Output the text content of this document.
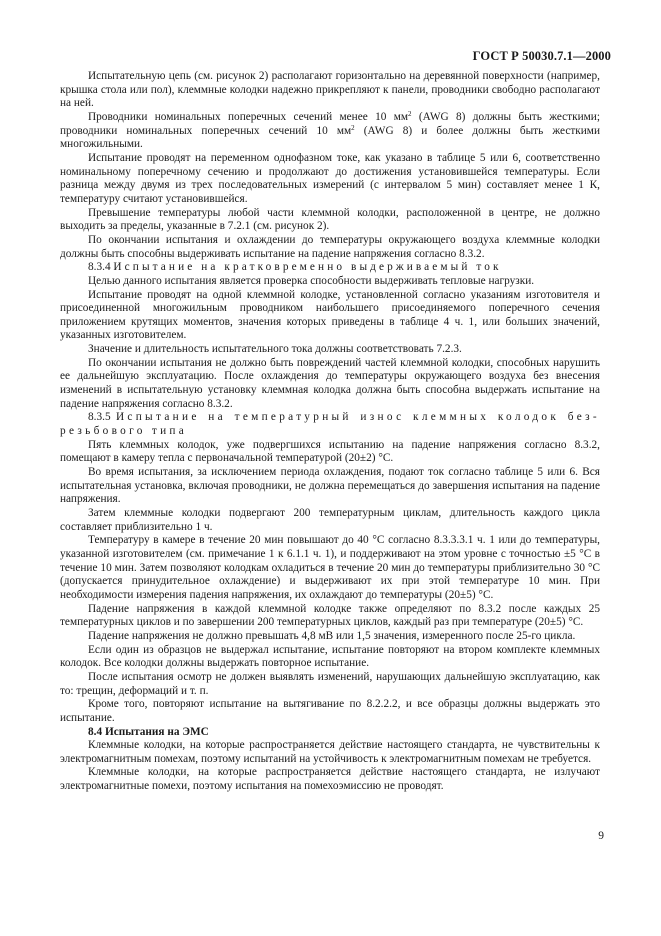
ГОСТ Р 50030.7.1—2000

Испытательную цепь (см. рисунок 2) располагают горизонтально на деревянной поверхности (например, крышка стола или пол), клеммные колодки надежно прикрепляют к панели, проводники свободно располагают на ней.

Проводники номинальных поперечных сечений менее 10 $мм^2$ (AWG 8) должны быть жесткими; проводники номинальных поперечных сечений 10 $мм^2$ (AWG 8) и более должны быть жесткими многожильными.

Испытание проводят на переменном однофазном токе, как указано в таблице 5 или 6, соответственно номинальному поперечному сечению и продолжают до достижения установившейся температуры. Если разница между двумя из трех последовательных измерений (с интервалом 5 мин) составляет менее 1 К, температуру считают установившейся.

Превышение температуры любой части клеммной колодки, расположенной в центре, не должно выходить за пределы, указанные в 7.2.1 (см. рисунок 2).

По окончании испытания и охлаждении до температуры окружающего воздуха клеммные колодки должны быть способны выдерживать испытание на падение напряжения согласно 8.3.2.

8.3.4 Испытание на кратковременно выдерживаемый ток

Целью данного испытания является проверка способности выдерживать тепловые нагрузки.

Испытание проводят на одной клеммной колодке, установленной согласно указаниям изготовителя и присоединенной многожильным проводником наибольшего присоединяемого поперечного сечения приложением крутящих моментов, значения которых приведены в таблице 4 ч. 1, или больших значений, указанных изготовителем.

Значение и длительность испытательного тока должны соответствовать 7.2.3.

По окончании испытания не должно быть повреждений частей клеммной колодки, способных нарушить ее дальнейшую эксплуатацию. После охлаждения до температуры окружающего воздуха без внесения изменений в испытательную установку клеммная колодка должна быть способна выдержать испытание на падение напряжения согласно 8.3.2.

8.3.5 Испытание на температурный износ клеммных колодок без-

резьбового типа

Пять клеммных колодок, уже подвергшихся испытанию на падение напряжения согласно 8.3.2, помещают в камеру тепла с первоначальной температурой (20±2) °С.

Во время испытания, за исключением периода охлаждения, подают ток согласно таблице 5 или 6. Вся испытательная установка, включая проводники, не должна перемещаться до завершения испытания на падение напряжения.

Затем клеммные колодки подвергают 200 температурным циклам, длительность каждого цикла составляет приблизительно 1 ч.

Температуру в камере в течение 20 мин повышают до 40 °С согласно 8.3.3.3.1 ч. 1 или до температуры, указанной изготовителем (см. примечание 1 к 6.1.1 ч. 1), и поддерживают на этом уровне с точностью ±5 °С в течение 10 мин. Затем позволяют колодкам охладиться в течение 20 мин до температуры приблизительно 30 °С (допускается принудительное охлаждение) и выдерживают их при этой температуре 10 мин. При необходимости измерения падения напряжения, их охлаждают до температуры (20±5) °С.

Падение напряжения в каждой клеммной колодке также определяют по 8.3.2 после каждых 25 температурных циклов и по завершении 200 температурных циклов, каждый раз при температуре (20±5) °С.

Падение напряжения не должно превышать 4,8 мВ или 1,5 значения, измеренного после 25-го цикла.

Если один из образцов не выдержал испытание, испытание повторяют на втором комплекте клеммных колодок. Все колодки должны выдержать повторное испытание.

После испытания осмотр не должен выявлять изменений, нарушающих дальнейшую эксплуатацию, как то: трещин, деформаций и т. п.

Кроме того, повторяют испытание на вытягивание по 8.2.2.2, и все образцы должны выдержать это испытание.

8.4 Испытания на ЭМС

Клеммные колодки, на которые распространяется действие настоящего стандарта, не чувствительны к электромагнитным помехам, поэтому испытаний на устойчивость к электромагнитным помехам не требуется.

Клеммные колодки, на которые распространяется действие настоящего стандарта, не излучают электромагнитные помехи, поэтому испытания на помехоэмиссию не проводят.

9
